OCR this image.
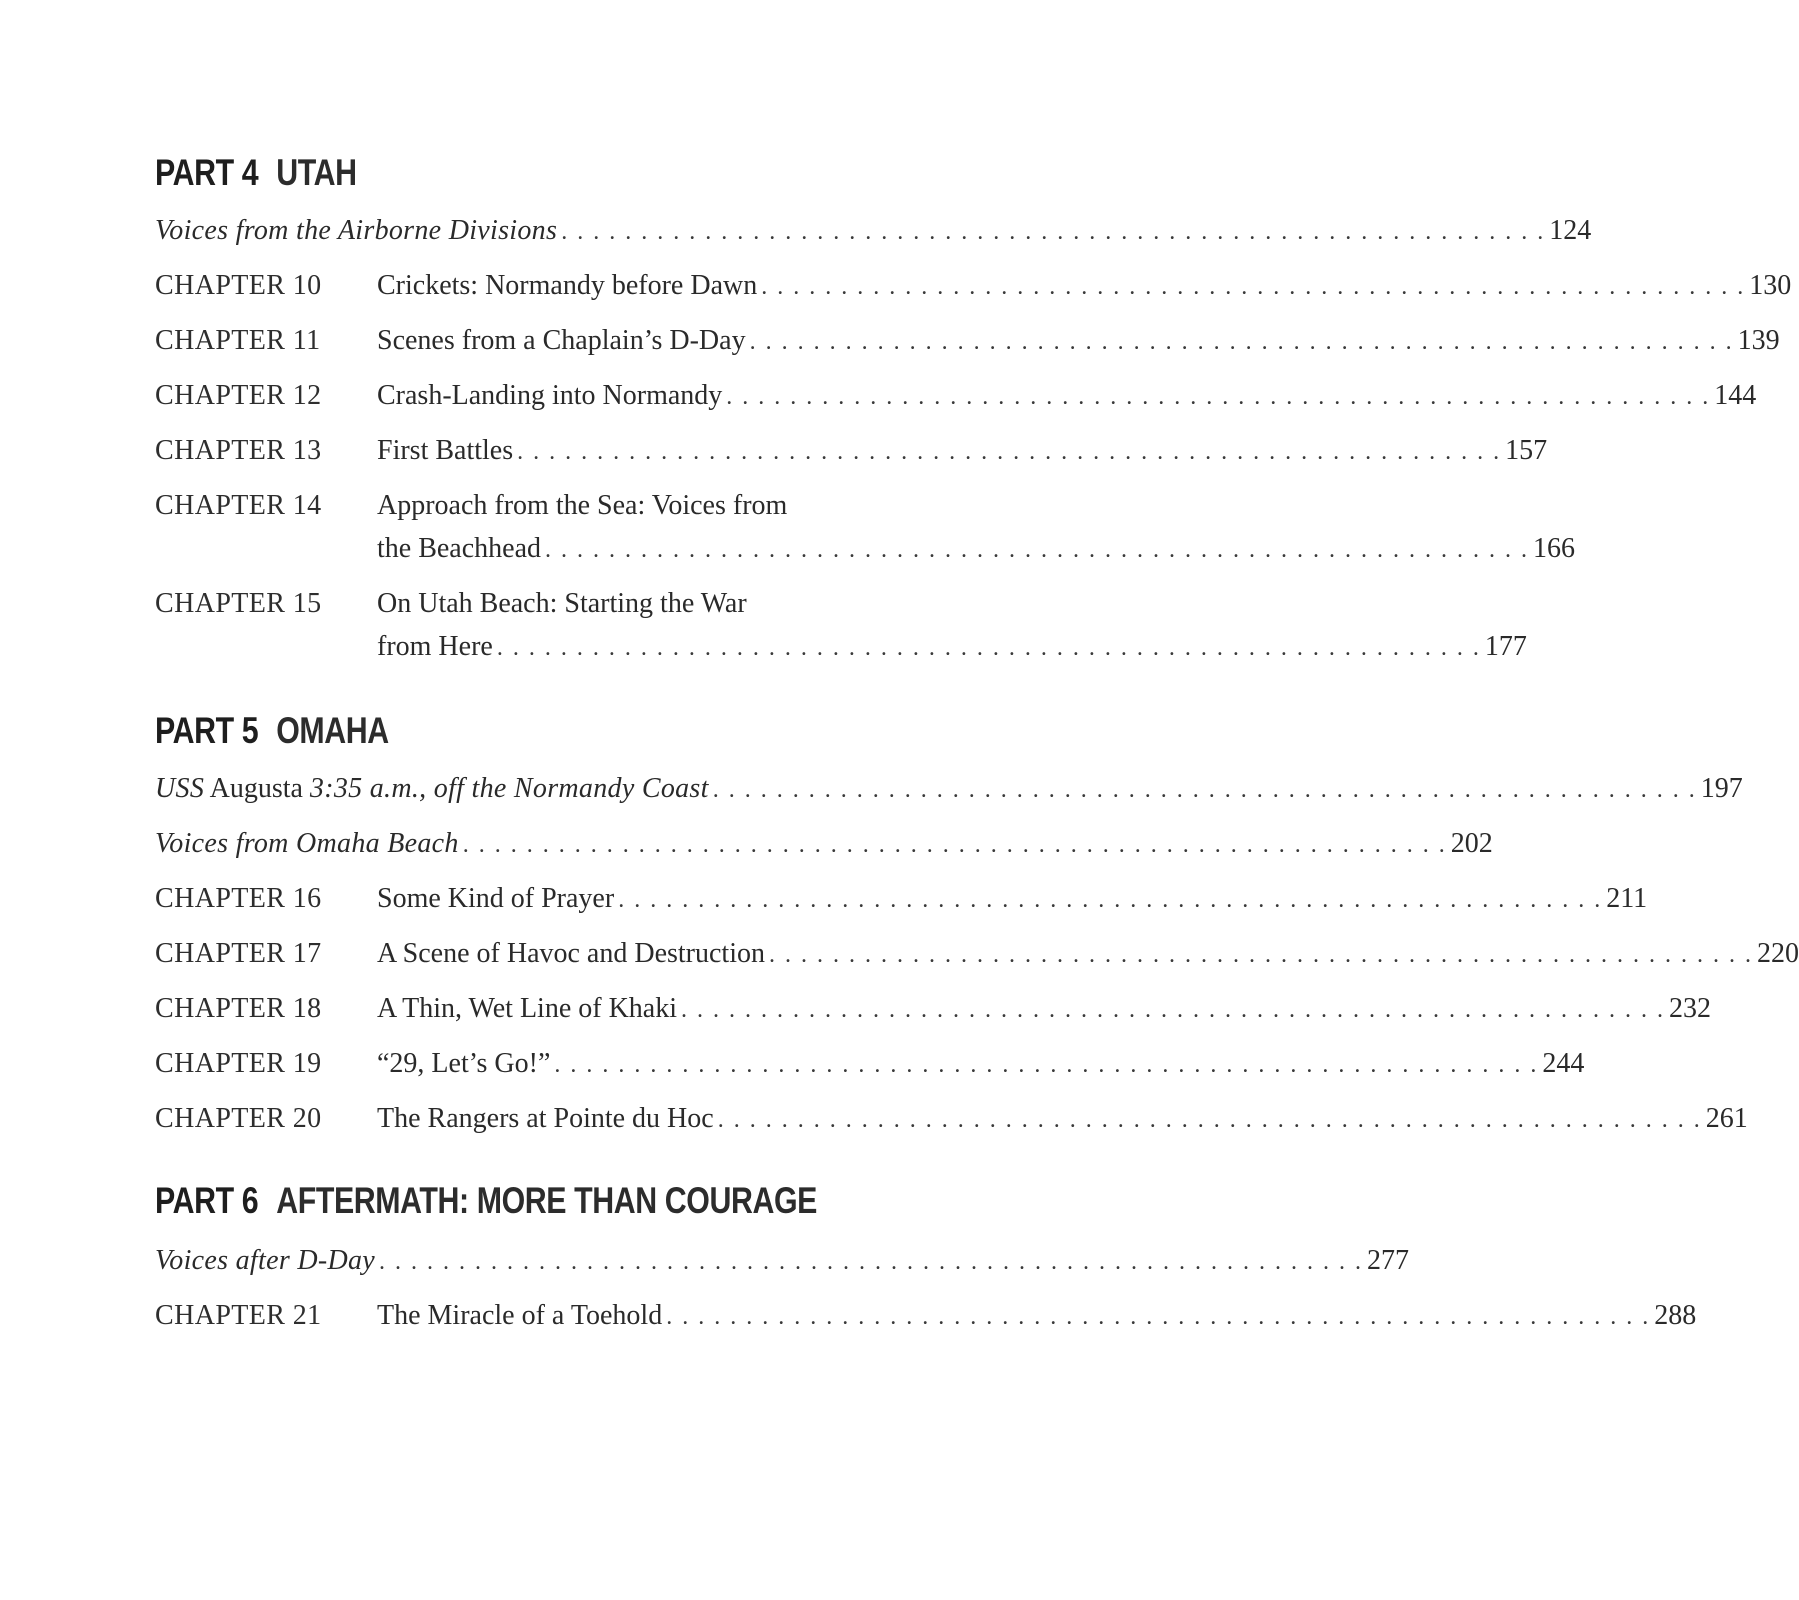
PART 4 UTAH
Voices from the Airborne Divisions . . . . . . . . . . . . . . . . . . . . . . . . . . . . . . . . . . . . . . . . . . . . . . . . . . . . . . . . . . . . . . 124
CHAPTER 10 Crickets: Normandy before Dawn . . . . . . . . . . . . . . . . . . . . . . . . . . . . . . . . . . . . . . . . . . . . . . . . . . . . . . . . . . . . . . 130
CHAPTER 11 Scenes from a Chaplain’s D-Day . . . . . . . . . . . . . . . . . . . . . . . . . . . . . . . . . . . . . . . . . . . . . . . . . . . . . . . . . . . . . . 139
CHAPTER 12 Crash-Landing into Normandy . . . . . . . . . . . . . . . . . . . . . . . . . . . . . . . . . . . . . . . . . . . . . . . . . . . . . . . . . . . . . . 144
CHAPTER 13 First Battles . . . . . . . . . . . . . . . . . . . . . . . . . . . . . . . . . . . . . . . . . . . . . . . . . . . . . . . . . . . . . . 157
CHAPTER 14 Approach from the Sea: Voices from
the Beachhead . . . . . . . . . . . . . . . . . . . . . . . . . . . . . . . . . . . . . . . . . . . . . . . . . . . . . . . . . . . . . . 166
CHAPTER 15 On Utah Beach: Starting the War
from Here . . . . . . . . . . . . . . . . . . . . . . . . . . . . . . . . . . . . . . . . . . . . . . . . . . . . . . . . . . . . . . 177
PART 5 OMAHA
USS Augusta 3:35 a.m., off the Normandy Coast . . . . . . . . . . . . . . . . . . . . . . . . . . . . . . . . . . . . . . . . . . . . . . . . . . . . . . . . . . . . . . 197
Voices from Omaha Beach . . . . . . . . . . . . . . . . . . . . . . . . . . . . . . . . . . . . . . . . . . . . . . . . . . . . . . . . . . . . . . 202
CHAPTER 16 Some Kind of Prayer . . . . . . . . . . . . . . . . . . . . . . . . . . . . . . . . . . . . . . . . . . . . . . . . . . . . . . . . . . . . . . 211
CHAPTER 17 A Scene of Havoc and Destruction . . . . . . . . . . . . . . . . . . . . . . . . . . . . . . . . . . . . . . . . . . . . . . . . . . . . . . . . . . . . . . 220
CHAPTER 18 A Thin, Wet Line of Khaki . . . . . . . . . . . . . . . . . . . . . . . . . . . . . . . . . . . . . . . . . . . . . . . . . . . . . . . . . . . . . . 232
CHAPTER 19 “29, Let’s Go!” . . . . . . . . . . . . . . . . . . . . . . . . . . . . . . . . . . . . . . . . . . . . . . . . . . . . . . . . . . . . . . 244
CHAPTER 20 The Rangers at Pointe du Hoc . . . . . . . . . . . . . . . . . . . . . . . . . . . . . . . . . . . . . . . . . . . . . . . . . . . . . . . . . . . . . . 261
PART 6 AFTERMATH: MORE THAN COURAGE
Voices after D-Day . . . . . . . . . . . . . . . . . . . . . . . . . . . . . . . . . . . . . . . . . . . . . . . . . . . . . . . . . . . . . . 277
CHAPTER 21 The Miracle of a Toehold . . . . . . . . . . . . . . . . . . . . . . . . . . . . . . . . . . . . . . . . . . . . . . . . . . . . . . . . . . . . . . 288
